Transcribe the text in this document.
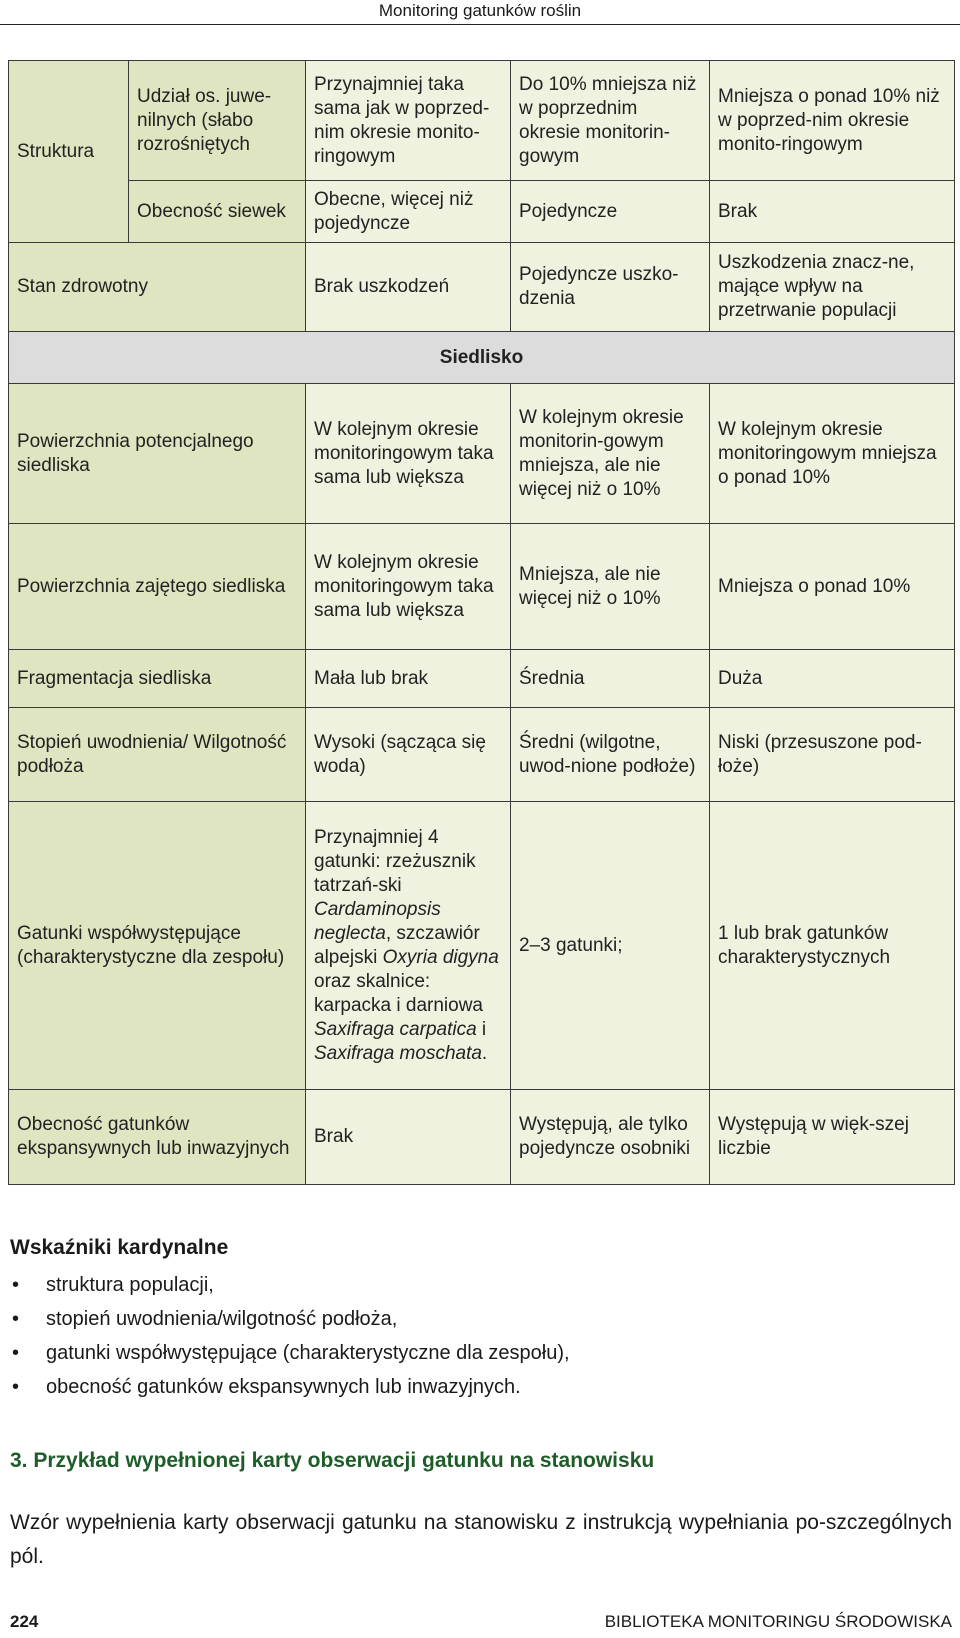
Monitoring gatunków roślin
Struktura	Udział os. juwe-nilnych (słabo rozrośniętych	Przynajmniej taka sama jak w poprzed-nim okresie monito-ringowym	Do 10% mniejsza niż w poprzednim okresie monitorin-gowym	Mniejsza o ponad 10% niż w poprzed-nim okresie monito-ringowym
	Obecność siewek	Obecne, więcej niż pojedyncze	Pojedyncze	Brak
Stan zdrowotny		Brak uszkodzeń	Pojedyncze uszko-dzenia	Uszkodzenia znacz-ne, mające wpływ na przetrwanie populacji
Siedlisko				
Powierzchnia potencjalnego siedliska		W kolejnym okresie monitoringowym taka sama lub większa	W kolejnym okresie monitorin-gowym mniejsza, ale nie więcej niż o 10%	W kolejnym okresie monitoringowym mniejsza o ponad 10%
Powierzchnia zajętego siedliska		W kolejnym okresie monitoringowym taka sama lub większa	Mniejsza, ale nie więcej niż o 10%	Mniejsza o ponad 10%
Fragmentacja siedliska		Mała lub brak	Średnia	Duża
Stopień uwodnienia/ Wilgotność podłoża		Wysoki (sącząca się woda)	Średni (wilgotne, uwod-nione podłoże)	Niski (przesuszone pod-łoże)
Gatunki współwystępujące (charakterystyczne dla zespołu)		Przynajmniej 4 gatunki: rzeżusznik tatrzań-ski Cardaminopsis neglecta, szczawiór alpejski Oxyria digyna oraz skalnice: karpacka i darniowa Saxifraga carpatica i Saxifraga moschata.	2–3 gatunki;	1 lub brak gatunków charakterystycznych
Obecność gatunków ekspansywnych lub inwazyjnych		Brak	Występują, ale tylko pojedyncze osobniki	Występują w więk-szej liczbie
Wskaźniki kardynalne
• struktura populacji,
• stopień uwodnienia/wilgotność podłoża,
• gatunki współwystępujące (charakterystyczne dla zespołu),
• obecność gatunków ekspansywnych lub inwazyjnych.
3. Przykład wypełnionej karty obserwacji gatunku na stanowisku
Wzór wypełnienia karty obserwacji gatunku na stanowisku z instrukcją wypełniania po-szczególnych pól.
224	BIBLIOTEKA MONITORINGU ŚRODOWISKA
